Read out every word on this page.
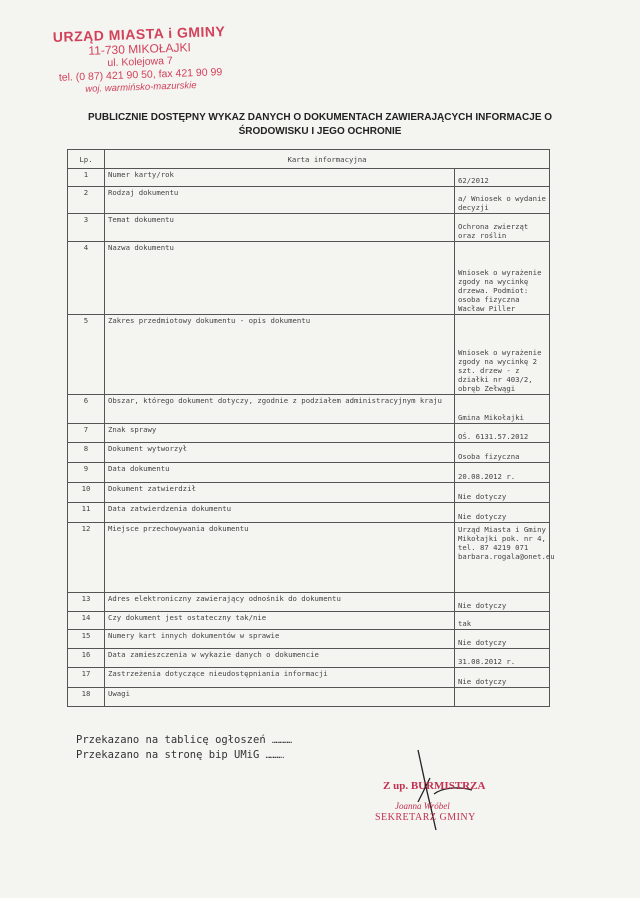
URZĄD MIASTA i GMINY
11-730 MIKOŁAJKI
ul. Kolejowa 7
tel. (0 87) 421 90 50, fax 421 90 99
woj. warmińsko-mazurskie
PUBLICZNIE DOSTĘPNY WYKAZ DANYCH O DOKUMENTACH ZAWIERAJĄCYCH INFORMACJE O
ŚRODOWISKU I JEGO OCHRONIE
Lp.	Karta informacyjna	
1	Numer karty/rok	62/2012

2	Rodzaj dokumentu	a/ Wniosek o wydanie decyzji

3	Temat dokumentu	Ochrona zwierząt oraz roślin

4	Nazwa dokumentu	Wniosek o wyrażenie zgody na wycinkę drzewa. Podmiot: osoba fizyczna Wacław Piller

5	Zakres przedmiotowy dokumentu - opis dokumentu	Wniosek o wyrażenie zgody na wycinkę 2 szt. drzew - z działki nr 403/2, obręb Zełwągi

6	Obszar, którego dokument dotyczy, zgodnie z podziałem administracyjnym kraju	Gmina Mikołajki

7	Znak sprawy	OŚ. 6131.57.2012

8	Dokument wytworzył	Osoba fizyczna

9	Data dokumentu	20.08.2012 r.

10	Dokument zatwierdził	Nie dotyczy

11	Data zatwierdzenia dokumentu	Nie dotyczy

12	Miejsce przechowywania dokumentu	Urząd Miasta i Gminy Mikołajki pok. nr 4, tel. 87 4219 071 barbara.rogala@onet.eu

13	Adres elektroniczny zawierający odnośnik do dokumentu	Nie dotyczy

14	Czy dokument jest ostateczny tak/nie	tak

15	Numery kart innych dokumentów w sprawie	Nie dotyczy

16	Data zamieszczenia w wykazie danych o dokumencie	31.08.2012 r.

17	Zastrzeżenia dotyczące nieudostępniania informacji	Nie dotyczy

18	Uwagi	
Przekazano na tablicę ogłoszeń ……………
Przekazano na stronę bip UMiG ………….
Z up. BURMISTRZA
Joanna Wróbel
SEKRETARZ GMINY
